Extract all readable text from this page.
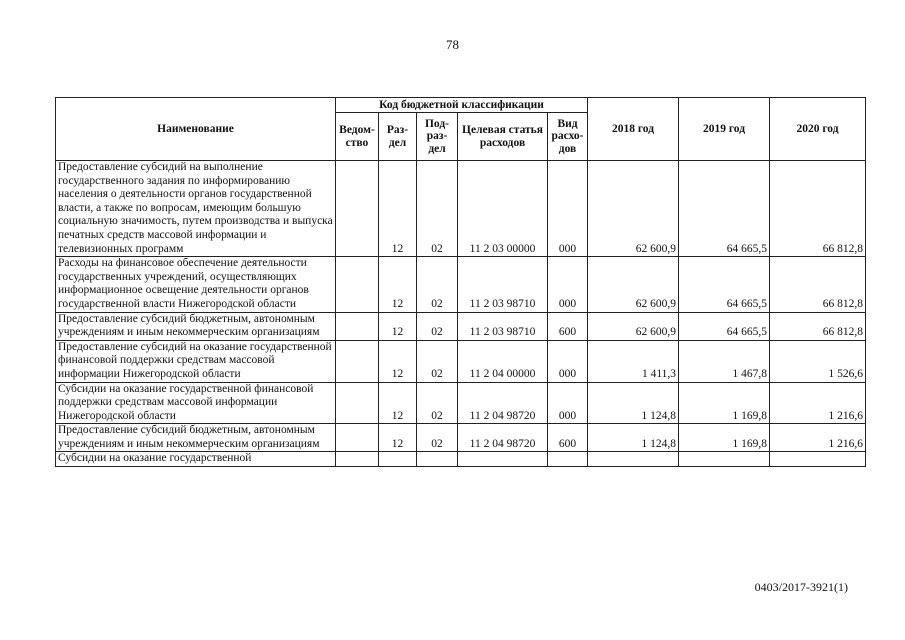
78
Наименование	Код бюджетной классификации					2018 год	2019 год	2020 год
	Ведом-ство	Раз-дел	Под-раз-дел	Целевая статья расходов	Вид расхо-дов			
Предоставление субсидий на выполнение государственного задания по информированию населения о деятельности органов государственной власти, а также по вопросам, имеющим большую социальную значимость, путем производства и выпуска печатных средств массовой информации и телевизионных программ		12	02	11 2 03 00000	000	62 600,9	64 665,5	66 812,8
Расходы на финансовое обеспечение деятельности государственных учреждений, осуществляющих информационное освещение деятельности органов государственной власти Нижегородской области		12	02	11 2 03 98710	000	62 600,9	64 665,5	66 812,8
Предоставление субсидий бюджетным, автономным учреждениям и иным некоммерческим организациям		12	02	11 2 03 98710	600	62 600,9	64 665,5	66 812,8
Предоставление субсидий на оказание государственной финансовой поддержки средствам массовой информации Нижегородской области		12	02	11 2 04 00000	000	1 411,3	1 467,8	1 526,6
Субсидии на оказание государственной финансовой поддержки средствам массовой информации Нижегородской области		12	02	11 2 04 98720	000	1 124,8	1 169,8	1 216,6
Предоставление субсидий бюджетным, автономным учреждениям и иным некоммерческим организациям		12	02	11 2 04 98720	600	1 124,8	1 169,8	1 216,6
Субсидии на оказание государственной								
0403/2017-3921(1)
